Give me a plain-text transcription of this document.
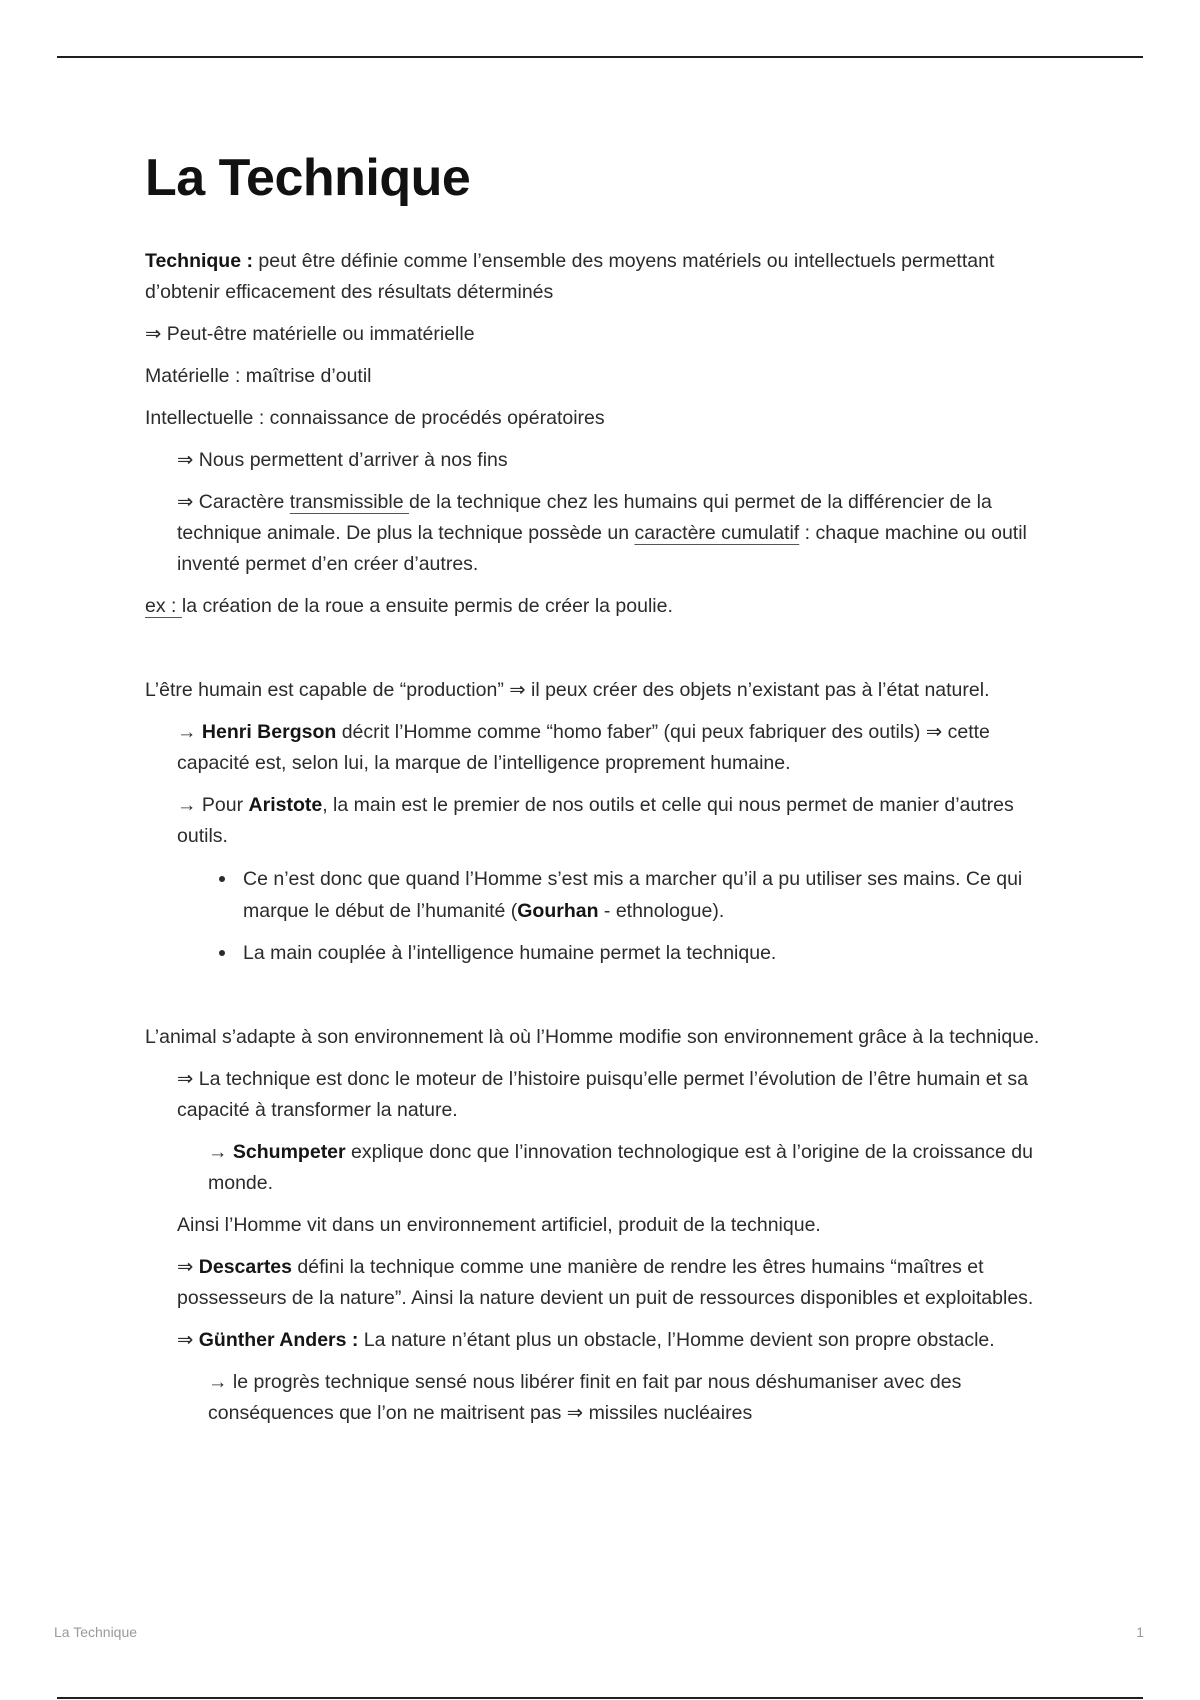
La Technique

Technique : peut être définie comme l’ensemble des moyens matériels ou intellectuels permettant d’obtenir efficacement des résultats déterminés

⇒ Peut-être matérielle ou immatérielle

Matérielle : maîtrise d’outil

Intellectuelle : connaissance de procédés opératoires

⇒ Nous permettent d’arriver à nos fins

⇒ Caractère transmissible de la technique chez les humains qui permet de la différencier de la technique animale. De plus la technique possède un caractère cumulatif : chaque machine ou outil inventé permet d’en créer d’autres.

ex : la création de la roue a ensuite permis de créer la poulie.

L’être humain est capable de “production” ⇒ il peux créer des objets n’existant pas à l’état naturel.

→ Henri Bergson décrit l’Homme comme “homo faber” (qui peux fabriquer des outils) ⇒ cette capacité est, selon lui, la marque de l’intelligence proprement humaine.

→ Pour Aristote, la main est le premier de nos outils et celle qui nous permet de manier d’autres outils.

Ce n’est donc que quand l’Homme s’est mis a marcher qu’il a pu utiliser ses mains. Ce qui marque le début de l’humanité (Gourhan - ethnologue).
La main couplée à l’intelligence humaine permet la technique.

L’animal s’adapte à son environnement là où l’Homme modifie son environnement grâce à la technique.

⇒ La technique est donc le moteur de l’histoire puisqu’elle permet l’évolution de l’être humain et sa capacité à transformer la nature.

→ Schumpeter explique donc que l’innovation technologique est à l’origine de la croissance du monde.

Ainsi l’Homme vit dans un environnement artificiel, produit de la technique.

⇒ Descartes défini la technique comme une manière de rendre les êtres humains “maîtres et possesseurs de la nature”. Ainsi la nature devient un puit de ressources disponibles et exploitables.

⇒ Günther Anders : La nature n’étant plus un obstacle, l’Homme devient son propre obstacle.

→ le progrès technique sensé nous libérer finit en fait par nous déshumaniser avec des conséquences que l’on ne maitrisent pas ⇒ missiles nucléaires

La Technique	1
